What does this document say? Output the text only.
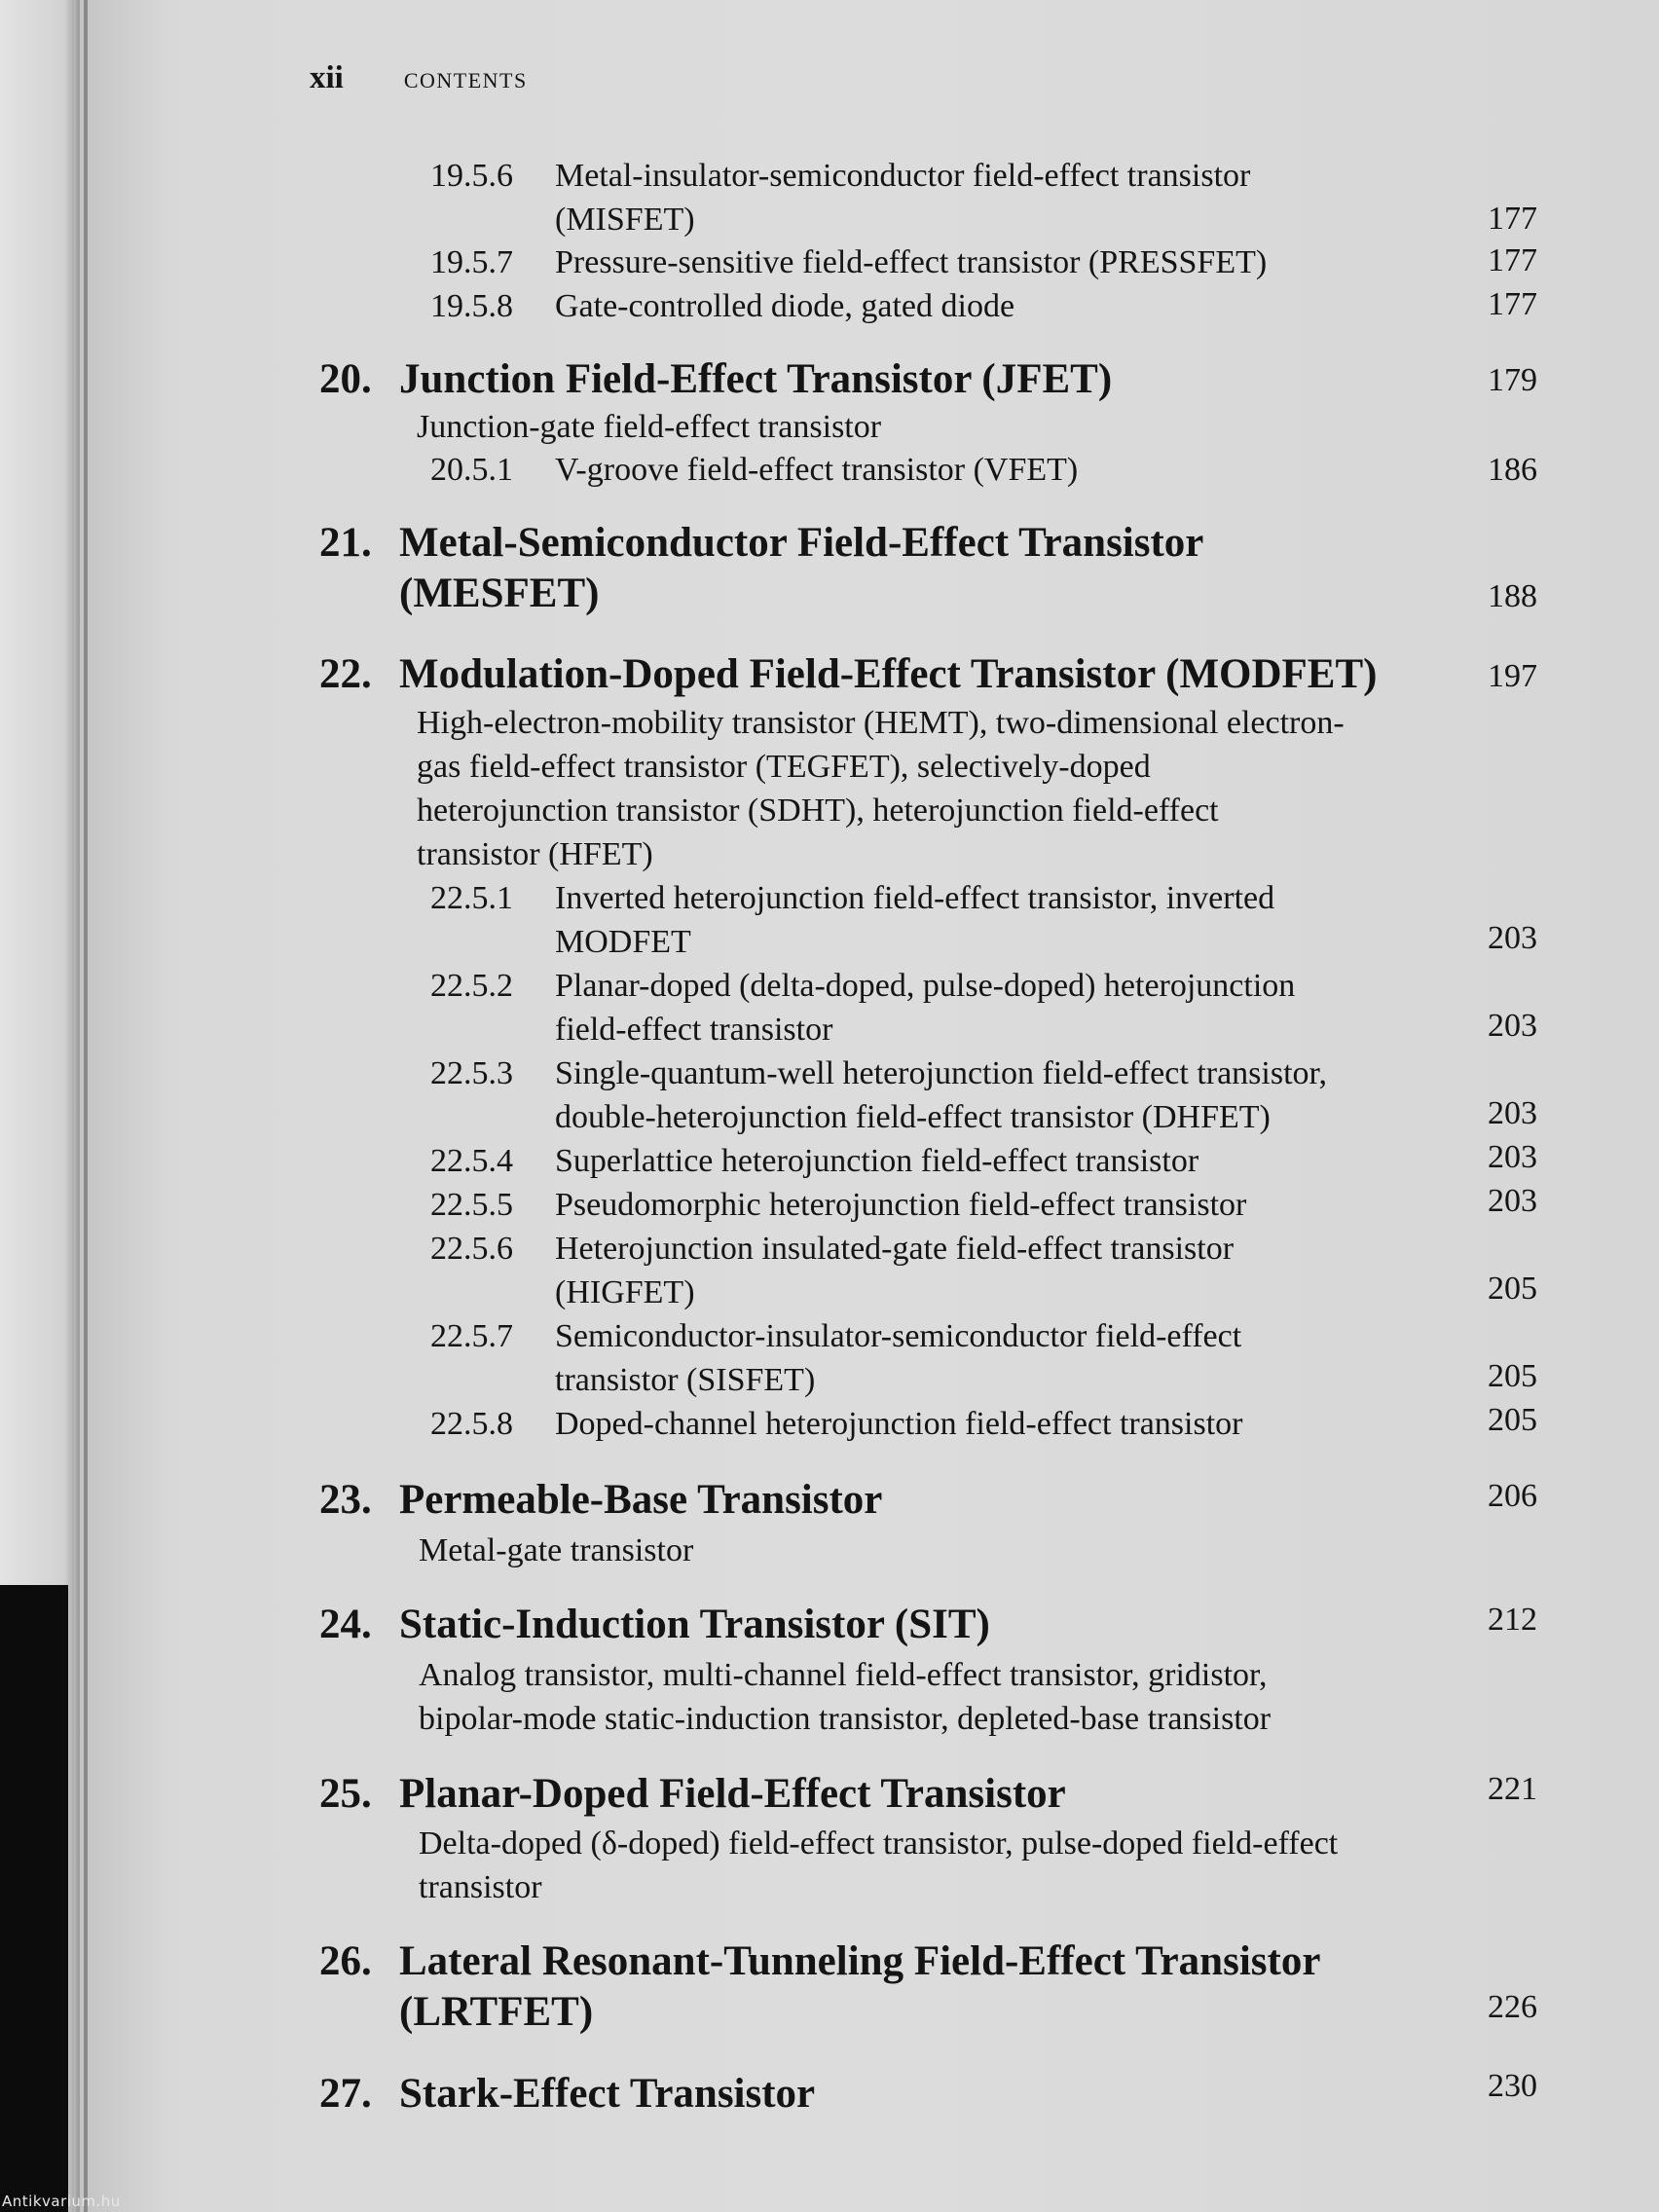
Antikvarium.hu
xii	CONTENTS
19.5.6 Metal-insulator-semiconductor field-effect transistor
(MISFET)	177
19.5.7 Pressure-sensitive field-effect transistor (PRESSFET)	177
19.5.8 Gate-controlled diode, gated diode	177
20. Junction Field-Effect Transistor (JFET)	179
Junction-gate field-effect transistor
20.5.1 V-groove field-effect transistor (VFET)	186
21. Metal-Semiconductor Field-Effect Transistor
(MESFET)	188
22. Modulation-Doped Field-Effect Transistor (MODFET)	197
High-electron-mobility transistor (HEMT), two-dimensional electron-
gas field-effect transistor (TEGFET), selectively-doped
heterojunction transistor (SDHT), heterojunction field-effect
transistor (HFET)
22.5.1 Inverted heterojunction field-effect transistor, inverted
MODFET	203
22.5.2 Planar-doped (delta-doped, pulse-doped) heterojunction
field-effect transistor	203
22.5.3 Single-quantum-well heterojunction field-effect transistor,
double-heterojunction field-effect transistor (DHFET)	203
22.5.4 Superlattice heterojunction field-effect transistor	203
22.5.5 Pseudomorphic heterojunction field-effect transistor	203
22.5.6 Heterojunction insulated-gate field-effect transistor
(HIGFET)	205
22.5.7 Semiconductor-insulator-semiconductor field-effect
transistor (SISFET)	205
22.5.8 Doped-channel heterojunction field-effect transistor	205
23. Permeable-Base Transistor	206
Metal-gate transistor
24. Static-Induction Transistor (SIT)	212
Analog transistor, multi-channel field-effect transistor, gridistor,
bipolar-mode static-induction transistor, depleted-base transistor
25. Planar-Doped Field-Effect Transistor	221
Delta-doped (δ-doped) field-effect transistor, pulse-doped field-effect
transistor
26. Lateral Resonant-Tunneling Field-Effect Transistor
(LRTFET)	226
27. Stark-Effect Transistor	230
